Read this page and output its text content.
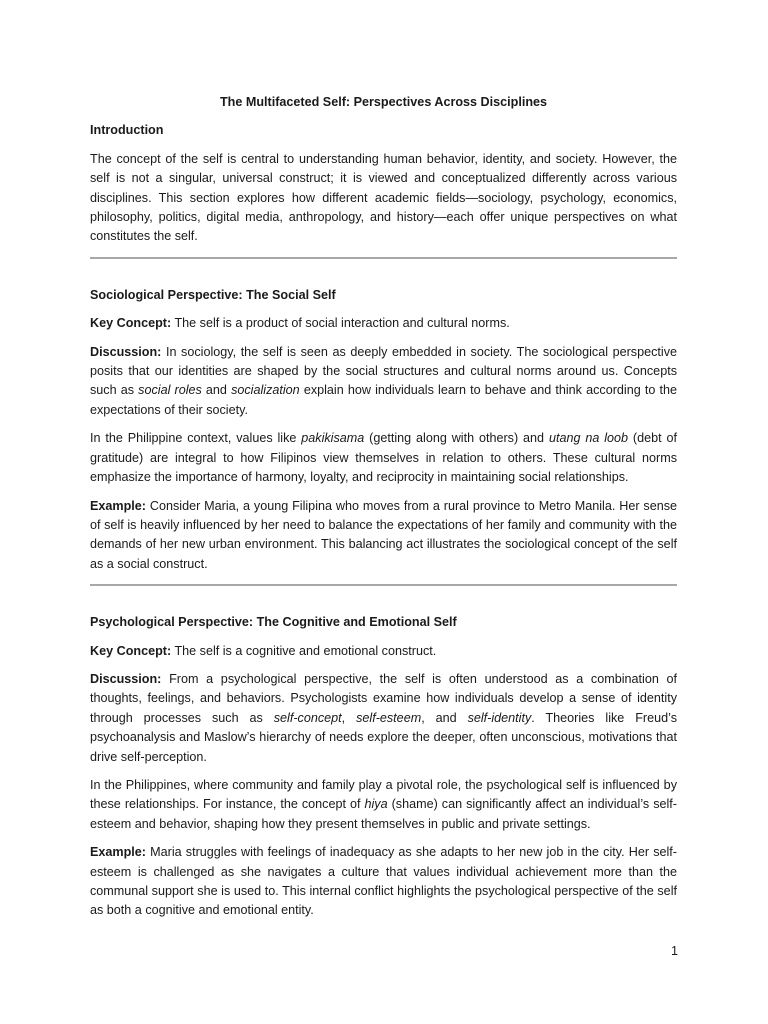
The Multifaceted Self: Perspectives Across Disciplines
Introduction

The concept of the self is central to understanding human behavior, identity, and society. However, the self is not a singular, universal construct; it is viewed and conceptualized differently across various disciplines. This section explores how different academic fields—sociology, psychology, economics, philosophy, politics, digital media, anthropology, and history—each offer unique perspectives on what constitutes the self.

Sociological Perspective: The Social Self

Key Concept: The self is a product of social interaction and cultural norms.

Discussion: In sociology, the self is seen as deeply embedded in society. The sociological perspective posits that our identities are shaped by the social structures and cultural norms around us. Concepts such as social roles and socialization explain how individuals learn to behave and think according to the expectations of their society.

In the Philippine context, values like pakikisama (getting along with others) and utang na loob (debt of gratitude) are integral to how Filipinos view themselves in relation to others. These cultural norms emphasize the importance of harmony, loyalty, and reciprocity in maintaining social relationships.

Example: Consider Maria, a young Filipina who moves from a rural province to Metro Manila. Her sense of self is heavily influenced by her need to balance the expectations of her family and community with the demands of her new urban environment. This balancing act illustrates the sociological concept of the self as a social construct.

Psychological Perspective: The Cognitive and Emotional Self

Key Concept: The self is a cognitive and emotional construct.

Discussion: From a psychological perspective, the self is often understood as a combination of thoughts, feelings, and behaviors. Psychologists examine how individuals develop a sense of identity through processes such as self-concept, self-esteem, and self-identity. Theories like Freud’s psychoanalysis and Maslow’s hierarchy of needs explore the deeper, often unconscious, motivations that drive self-perception.

In the Philippines, where community and family play a pivotal role, the psychological self is influenced by these relationships. For instance, the concept of hiya (shame) can significantly affect an individual’s self-esteem and behavior, shaping how they present themselves in public and private settings.

Example: Maria struggles with feelings of inadequacy as she adapts to her new job in the city. Her self-esteem is challenged as she navigates a culture that values individual achievement more than the communal support she is used to. This internal conflict highlights the psychological perspective of the self as both a cognitive and emotional entity.

1
